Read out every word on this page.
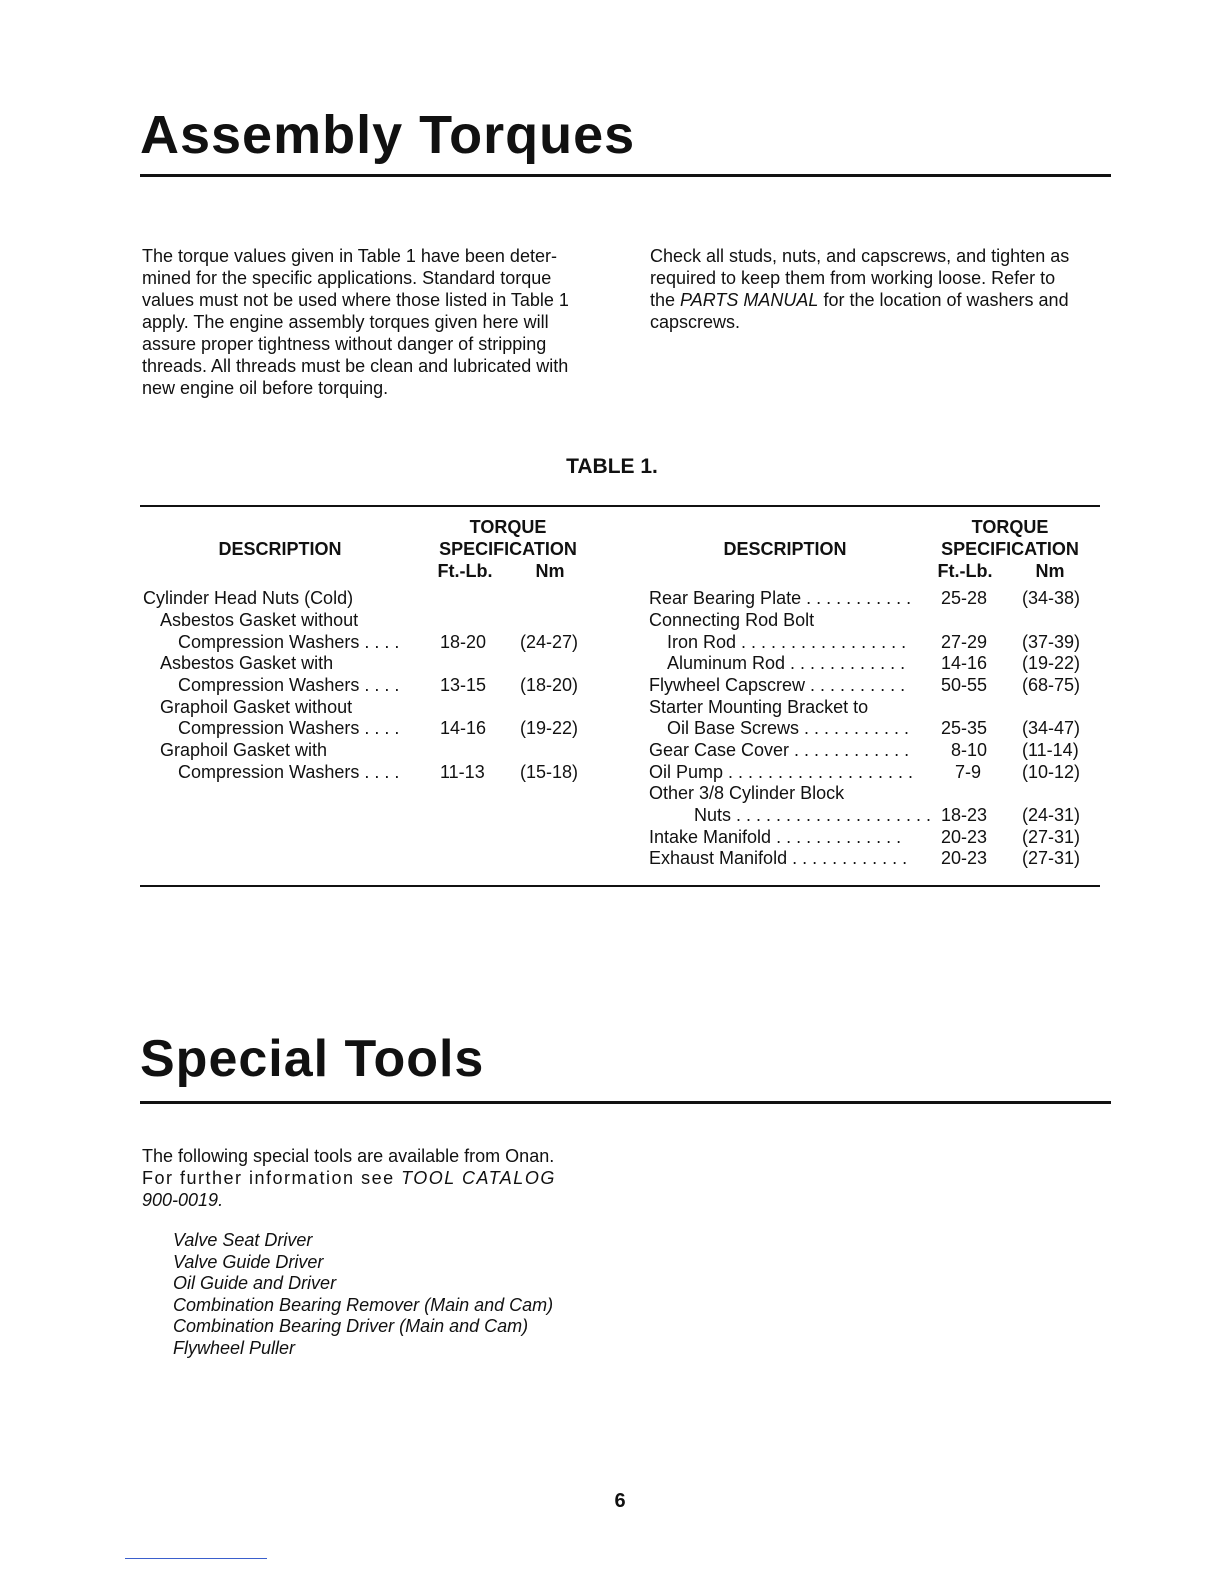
Assembly Torques
The torque values given in Table 1 have been deter-
mined for the specific applications. Standard torque
values must not be used where those listed in Table 1
apply. The engine assembly torques given here will
assure proper tightness without danger of stripping
threads. All threads must be clean and lubricated with
new engine oil before torquing.
Check all studs, nuts, and capscrews, and tighten as
required to keep them from working loose. Refer to
the PARTS MANUAL for the location of washers and
capscrews.
TABLE 1.
DESCRIPTION
TORQUE
SPECIFICATION
Ft.-Lb.	Nm
DESCRIPTION
TORQUE
SPECIFICATION
Ft.-Lb.	Nm
Cylinder Head Nuts (Cold)
Asbestos Gasket without
Compression Washers . . . . 18-20 (24-27)
Asbestos Gasket with
Compression Washers . . . . 13-15 (18-20)
Graphoil Gasket without
Compression Washers . . . . 14-16 (19-22)
Graphoil Gasket with
Compression Washers . . . . 11-13 (15-18)
Rear Bearing Plate . . . . . . . . . . . 25-28 (34-38)
Connecting Rod Bolt
Iron Rod . . . . . . . . . . . . . . . . . 27-29 (37-39)
Aluminum Rod . . . . . . . . . . . . 14-16 (19-22)
Flywheel Capscrew . . . . . . . . . . 50-55 (68-75)
Starter Mounting Bracket to
Oil Base Screws . . . . . . . . . . . 25-35 (34-47)
Gear Case Cover . . . . . . . . . . . . 8-10 (11-14)
Oil Pump . . . . . . . . . . . . . . . . . . . 7-9 (10-12)
Other 3/8 Cylinder Block
Nuts . . . . . . . . . . . . . . . . . . . . 18-23 (24-31)
Intake Manifold . . . . . . . . . . . . . 20-23 (27-31)
Exhaust Manifold . . . . . . . . . . . . 20-23 (27-31)
Special Tools
The following special tools are available from Onan.
For further information see TOOL CATALOG
900-0019.
Valve Seat Driver
Valve Guide Driver
Oil Guide and Driver
Combination Bearing Remover (Main and Cam)
Combination Bearing Driver (Main and Cam)
Flywheel Puller
6
